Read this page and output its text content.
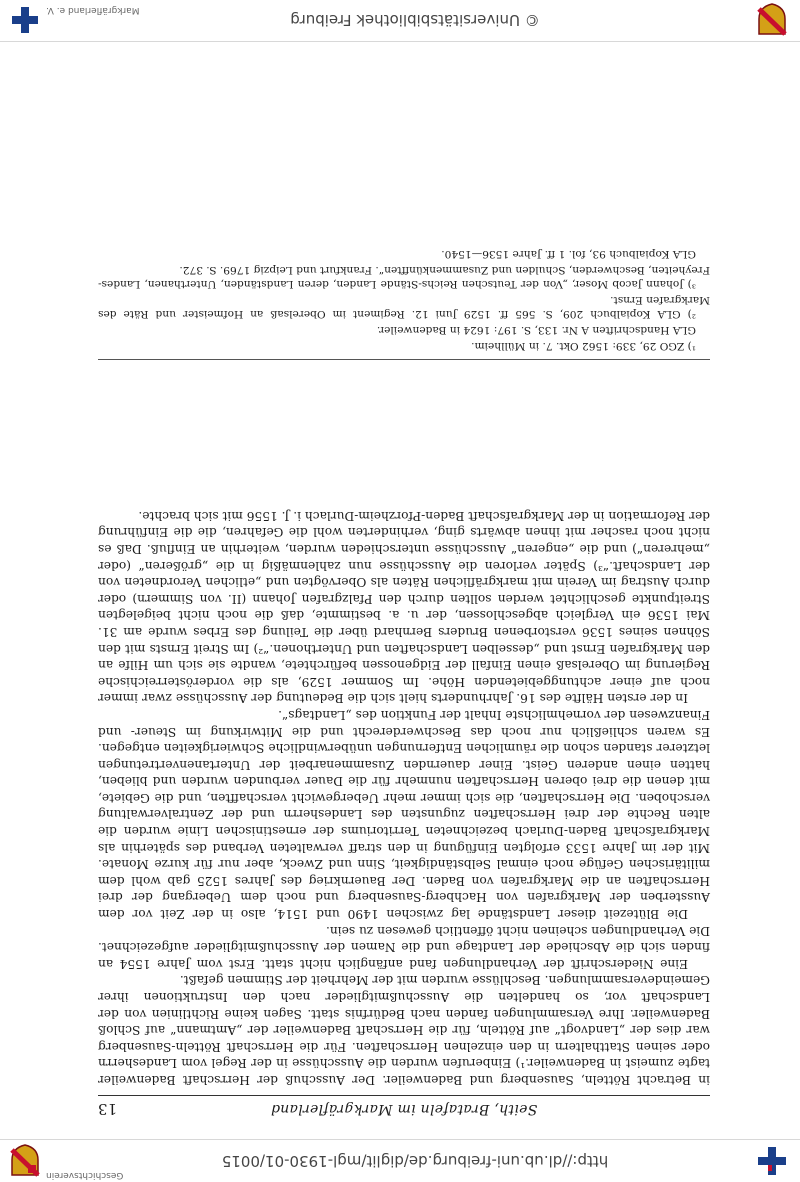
http://dl.ub.uni-freiburg.de/diglit/mgl-1930-01/0015
Geschichtsverein
Seith, Bratafeln im Markgräflerland
13

in Betracht Rötteln, Sausenberg und Badenweiler. Der Ausschuß der Herrschaft Badenweiler tagte zumeist in Badenweiler.¹) Einberufen wurden die Ausschüsse in der Regel vom Landesherrn oder seinen Statthaltern in den einzelnen Herrschaften. Für die Herrschaft Rötteln-Sausenberg war dies der „Landvogt“ auf Rötteln, für die Herrschaft Badenweiler der „Amtmann“ auf Schloß Badenweiler. Ihre Versammlungen fanden nach Bedürfnis statt. Sagen keine Richtlinien von der Landschaft vor, so handelten die Ausschußmitglieder nach den Instruktionen ihrer Gemeindeversammlungen. Beschlüsse wurden mit der Mehrheit der Stimmen gefaßt.

Eine Niederschrift der Verhandlungen fand anfänglich nicht statt. Erst vom Jahre 1554 an finden sich die Abschiede der Landtage und die Namen der Ausschußmitglieder aufgezeichnet. Die Verhandlungen scheinen nicht öffentlich gewesen zu sein.

Die Blütezeit dieser Landstände lag zwischen 1490 und 1514, also in der Zeit vor dem Aussterben der Markgrafen von Hachberg-Sausenberg und noch dem Uebergang der drei Herrschaften an die Markgrafen von Baden. Der Bauernkrieg des Jahres 1525 gab wohl dem militärischen Gefüge noch einmal Selbständigkeit, Sinn und Zweck, aber nur für kurze Monate. Mit der im Jahre 1533 erfolgten Einfügung in den straff verwalteten Verband des späterhin als Markgrafschaft Baden-Durlach bezeichneten Territoriums der ernestinischen Linie wurden die alten Rechte der drei Herrschaften zugunsten des Landesherrn und der Zentralverwaltung verschoben. Die Herrschaften, die sich immer mehr Uebergewicht verschafften, und die Gebiete, mit denen die drei oberen Herrschaften nunmehr für die Dauer verbunden wurden und blieben, hatten einen anderen Geist. Einer dauernden Zusammenarbeit der Untertanenvertretungen letzterer standen schon die räumlichen Entfernungen unüberwindliche Schwierigkeiten entgegen. Es waren schließlich nur noch das Beschwerderecht und die Mitwirkung im Steuer- und Finanzwesen der vornehmlichste Inhalt der Funktion des „Landtags“.

In der ersten Hälfte des 16. Jahrhunderts hielt sich die Bedeutung der Ausschüsse zwar immer noch auf einer achtunggebietenden Höhe. Im Sommer 1529, als die vorderösterreichische Regierung im Oberelsaß einen Einfall der Eidgenossen befürchtete, wandte sie sich um Hilfe an den Markgrafen Ernst und „desselben Landschaften und Unterthonen.“²) Im Streit Ernsts mit den Söhnen seines 1536 verstorbenen Bruders Bernhard über die Teilung des Erbes wurde am 31. Mai 1536 ein Vergleich abgeschlossen, der u. a. bestimmte, daß die noch nicht beigelegten Streitpunkte geschlichtet werden sollten durch den Pfalzgrafen Johann (II. von Simmern) oder durch Austrag im Verein mit markgräflichen Räten als Obervögten und „etlichen Verordneten von der Landschaft.“³) Später verloren die Ausschüsse nun zahlenmäßig in die „größeren“ (oder „mehreren“) und die „engeren“ Ausschüsse unterschieden wurden, weiterhin an Einfluß. Daß es nicht noch rascher mit ihnen abwärts ging, verhinderten wohl die Gefahren, die die Einführung der Reformation in der Markgrafschaft Baden-Pforzheim-Durlach i. J. 1556 mit sich brachte.

¹) ZGO 29, 339: 1562 Okt. 7. in Müllheim.

GLA Handschriften A Nr. 133, S. 197: 1624 in Badenweiler.

²) GLA Kopialbuch 209, S. 565 ff. 1529 Juni 12. Regiment im Oberelsaß an Hofmeister und Räte des Markgrafen Ernst.

³) Johann Jacob Moser, „Von der Teutschen Reichs-Stände Landen, deren Landständen, Unterthanen, Landes-Freyheiten, Beschwerden, Schulden und Zusammenkünfften“. Frankfurt und Leipzig 1769. S. 372.

GLA Kopialbuch 93, fol. 1 ff. Jahre 1536—1540.

© Universitätsbibliothek Freiburg
Markgräflerland e. V.
